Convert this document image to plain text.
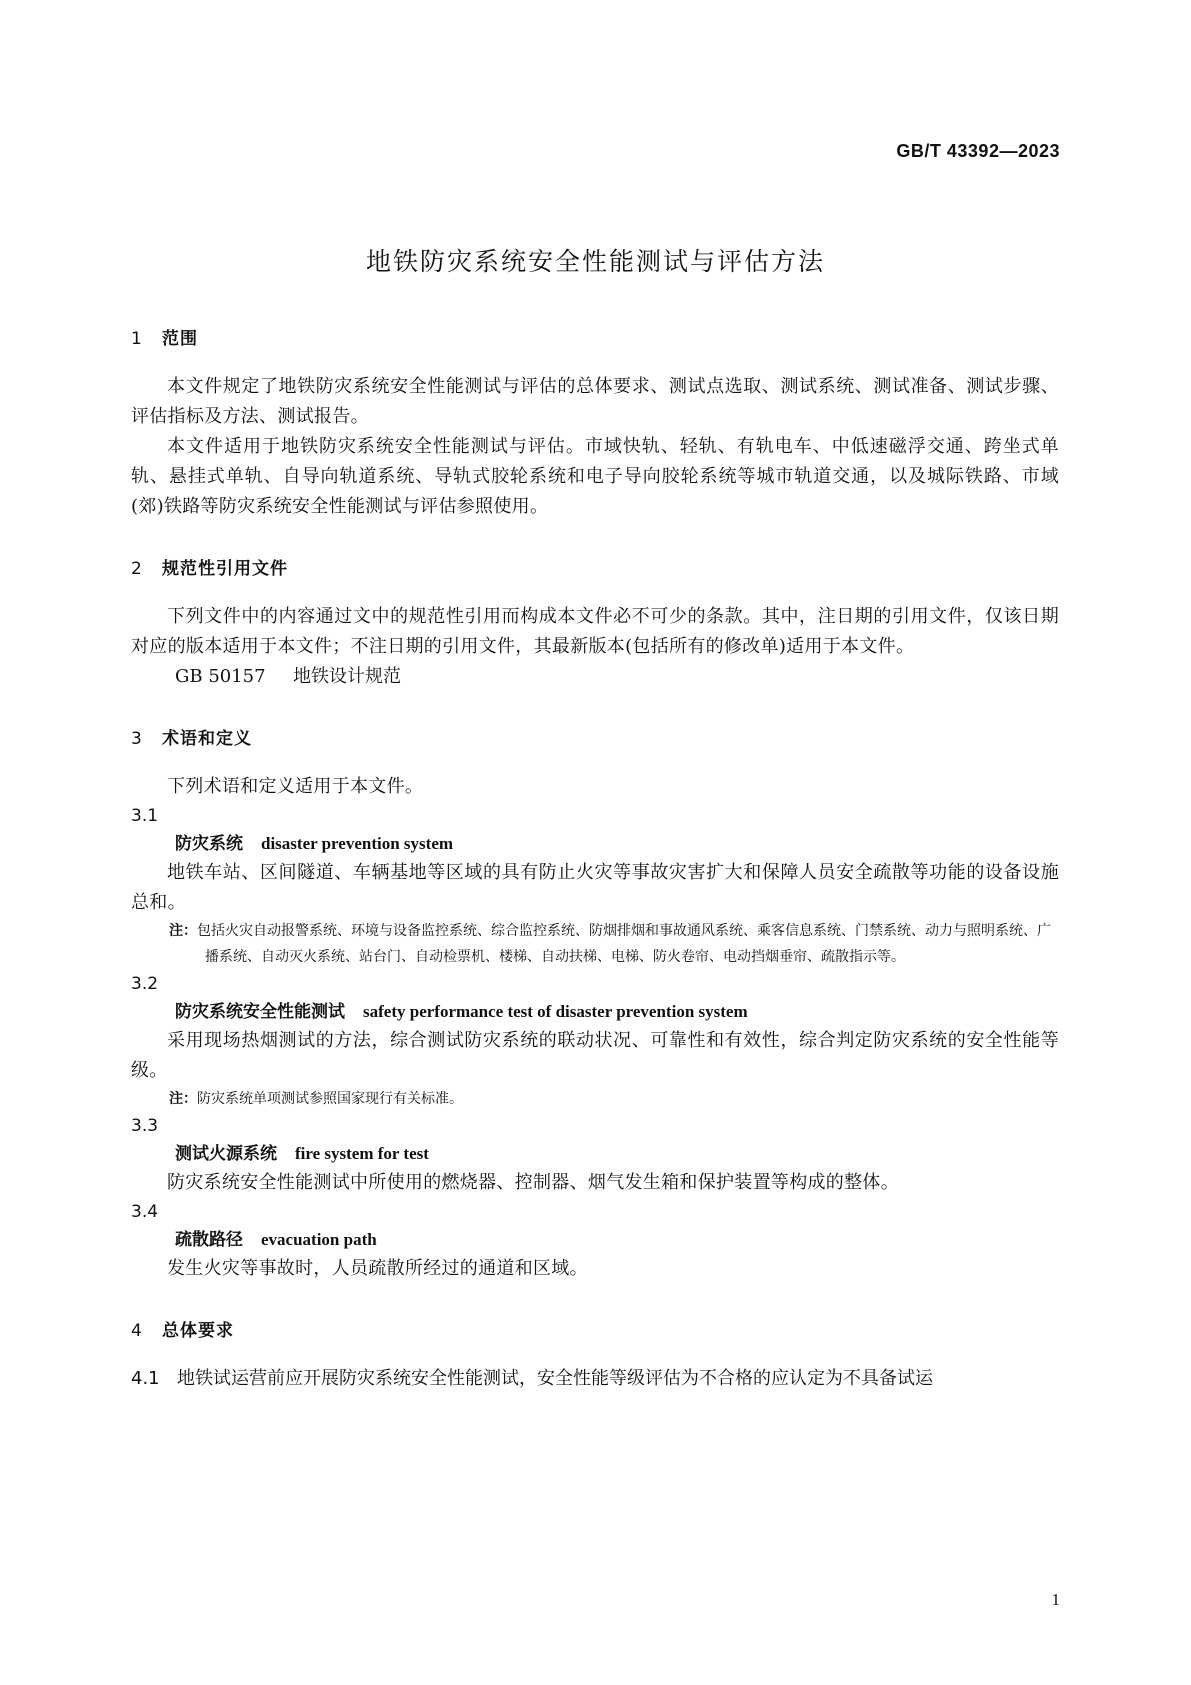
GB/T 43392—2023
地铁防灾系统安全性能测试与评估方法
1 范围
本文件规定了地铁防灾系统安全性能测试与评估的总体要求、测试点选取、测试系统、测试准备、测试步骤、评估指标及方法、测试报告。
本文件适用于地铁防灾系统安全性能测试与评估。市域快轨、轻轨、有轨电车、中低速磁浮交通、跨坐式单轨、悬挂式单轨、自导向轨道系统、导轨式胶轮系统和电子导向胶轮系统等城市轨道交通，以及城际铁路、市域(郊)铁路等防灾系统安全性能测试与评估参照使用。
2 规范性引用文件
下列文件中的内容通过文中的规范性引用而构成本文件必不可少的条款。其中，注日期的引用文件，仅该日期对应的版本适用于本文件；不注日期的引用文件，其最新版本(包括所有的修改单)适用于本文件。
GB 50157 地铁设计规范
3 术语和定义
下列术语和定义适用于本文件。
3.1
防灾系统 disaster prevention system
地铁车站、区间隧道、车辆基地等区域的具有防止火灾等事故灾害扩大和保障人员安全疏散等功能的设备设施总和。
注：包括火灾自动报警系统、环境与设备监控系统、综合监控系统、防烟排烟和事故通风系统、乘客信息系统、门禁系统、动力与照明系统、广播系统、自动灭火系统、站台门、自动检票机、楼梯、自动扶梯、电梯、防火卷帘、电动挡烟垂帘、疏散指示等。
3.2
防灾系统安全性能测试 safety performance test of disaster prevention system
采用现场热烟测试的方法，综合测试防灾系统的联动状况、可靠性和有效性，综合判定防灾系统的安全性能等级。
注：防灾系统单项测试参照国家现行有关标准。
3.3
测试火源系统 fire system for test
防灾系统安全性能测试中所使用的燃烧器、控制器、烟气发生箱和保护装置等构成的整体。
3.4
疏散路径 evacuation path
发生火灾等事故时，人员疏散所经过的通道和区域。
4 总体要求
4.1 地铁试运营前应开展防灾系统安全性能测试，安全性能等级评估为不合格的应认定为不具备试运
1
